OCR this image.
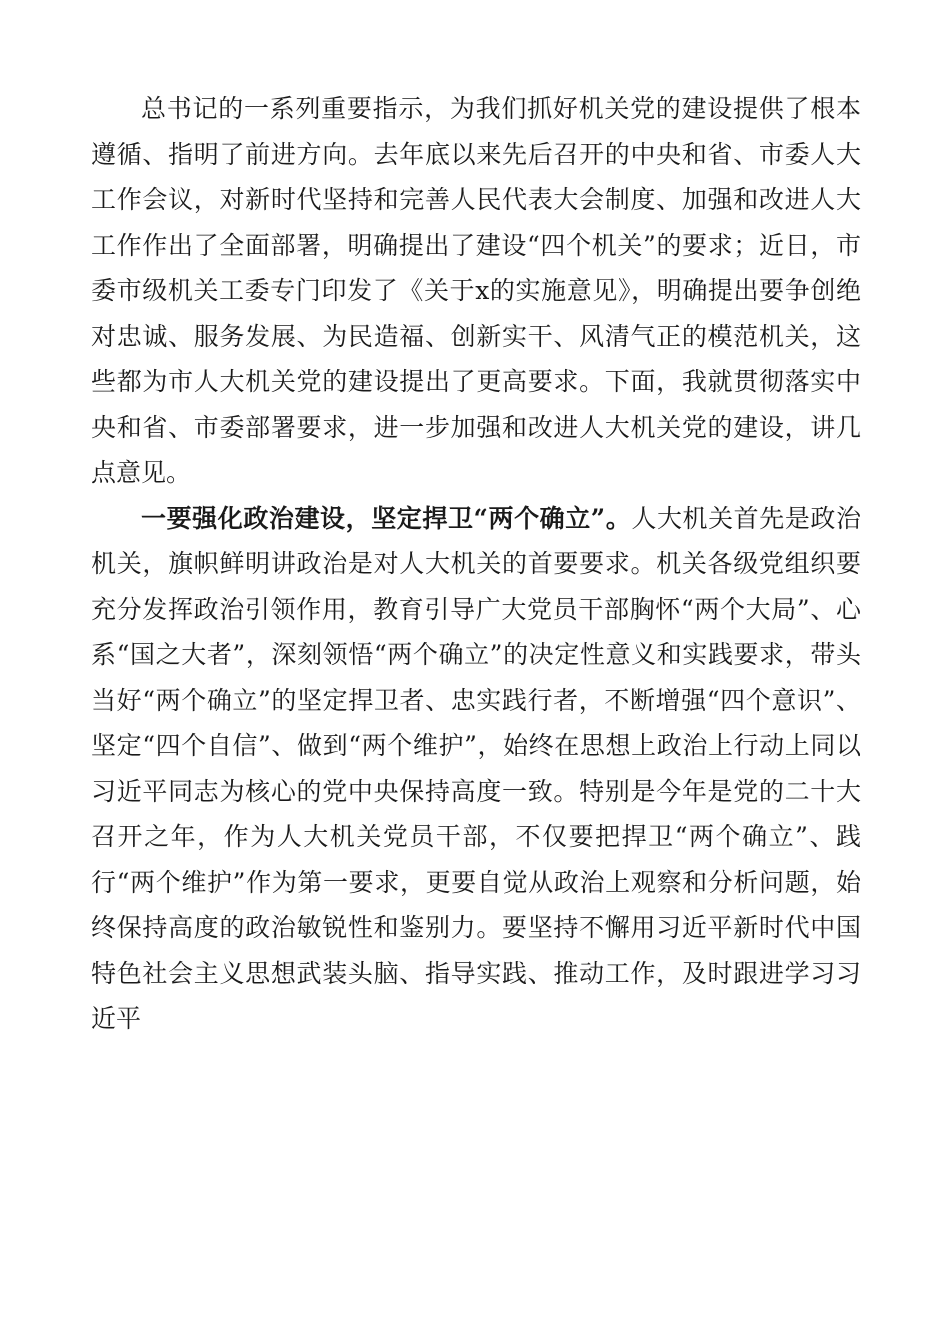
总书记的一系列重要指示，为我们抓好机关党的建设提供了根本遵循、指明了前进方向。去年底以来先后召开的中央和省、市委人大工作会议，对新时代坚持和完善人民代表大会制度、加强和改进人大工作作出了全面部署，明确提出了建设“四个机关”的要求；近日，市委市级机关工委专门印发了《关于x的实施意见》，明确提出要争创绝对忠诚、服务发展、为民造福、创新实干、风清气正的模范机关，这些都为市人大机关党的建设提出了更高要求。下面，我就贯彻落实中央和省、市委部署要求，进一步加强和改进人大机关党的建设，讲几点意见。

一要强化政治建设，坚定捍卫“两个确立”。人大机关首先是政治机关，旗帜鲜明讲政治是对人大机关的首要要求。机关各级党组织要充分发挥政治引领作用，教育引导广大党员干部胸怀“两个大局”、心系“国之大者”，深刻领悟“两个确立”的决定性意义和实践要求，带头当好“两个确立”的坚定捍卫者、忠实践行者，不断增强“四个意识”、坚定“四个自信”、做到“两个维护”，始终在思想上政治上行动上同以习近平同志为核心的党中央保持高度一致。特别是今年是党的二十大召开之年，作为人大机关党员干部，不仅要把捍卫“两个确立”、践行“两个维护”作为第一要求，更要自觉从政治上观察和分析问题，始终保持高度的政治敏锐性和鉴别力。要坚持不懈用习近平新时代中国特色社会主义思想武装头脑、指导实践、推动工作，及时跟进学习习近平
